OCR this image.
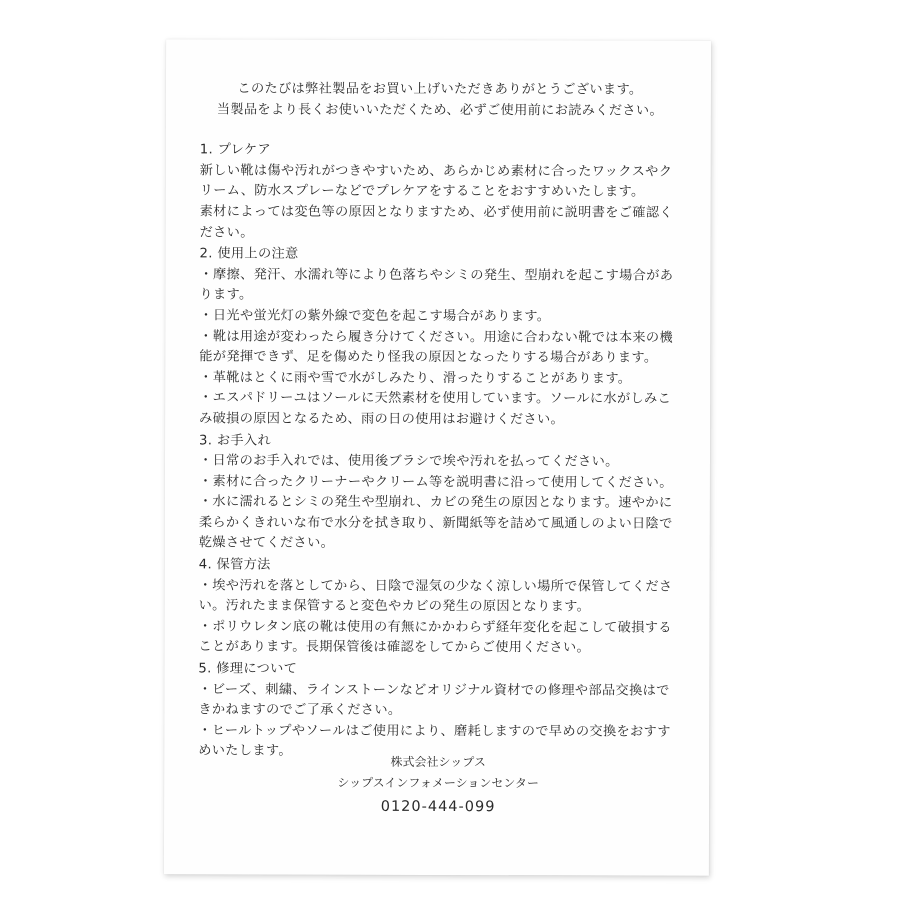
このたびは弊社製品をお買い上げいただきありがとうございます。
当製品をより長くお使いいただくため、必ずご使用前にお読みください。
1. プレケア
新しい靴は傷や汚れがつきやすいため、あらかじめ素材に合ったワックスやクリーム、防水スプレーなどでプレケアをすることをおすすめいたします。
素材によっては変色等の原因となりますため、必ず使用前に説明書をご確認ください。
2. 使用上の注意
・摩擦、発汗、水濡れ等により色落ちやシミの発生、型崩れを起こす場合があります。
・日光や蛍光灯の紫外線で変色を起こす場合があります。
・靴は用途が変わったら履き分けてください。用途に合わない靴では本来の機能が発揮できず、足を傷めたり怪我の原因となったりする場合があります。
・革靴はとくに雨や雪で水がしみたり、滑ったりすることがあります。
・エスパドリーユはソールに天然素材を使用しています。ソールに水がしみこみ破損の原因となるため、雨の日の使用はお避けください。
3. お手入れ
・日常のお手入れでは、使用後ブラシで埃や汚れを払ってください。
・素材に合ったクリーナーやクリーム等を説明書に沿って使用してください。
・水に濡れるとシミの発生や型崩れ、カビの発生の原因となります。速やかに柔らかくきれいな布で水分を拭き取り、新聞紙等を詰めて風通しのよい日陰で乾燥させてください。
4. 保管方法
・埃や汚れを落としてから、日陰で湿気の少なく涼しい場所で保管してください。汚れたまま保管すると変色やカビの発生の原因となります。
・ポリウレタン底の靴は使用の有無にかかわらず経年変化を起こして破損することがあります。長期保管後は確認をしてからご使用ください。
5. 修理について
・ビーズ、刺繍、ラインストーンなどオリジナル資材での修理や部品交換はできかねますのでご了承ください。
・ヒールトップやソールはご使用により、磨耗しますので早めの交換をおすすめいたします。
株式会社シップス
シップスインフォメーションセンター
0120-444-099
